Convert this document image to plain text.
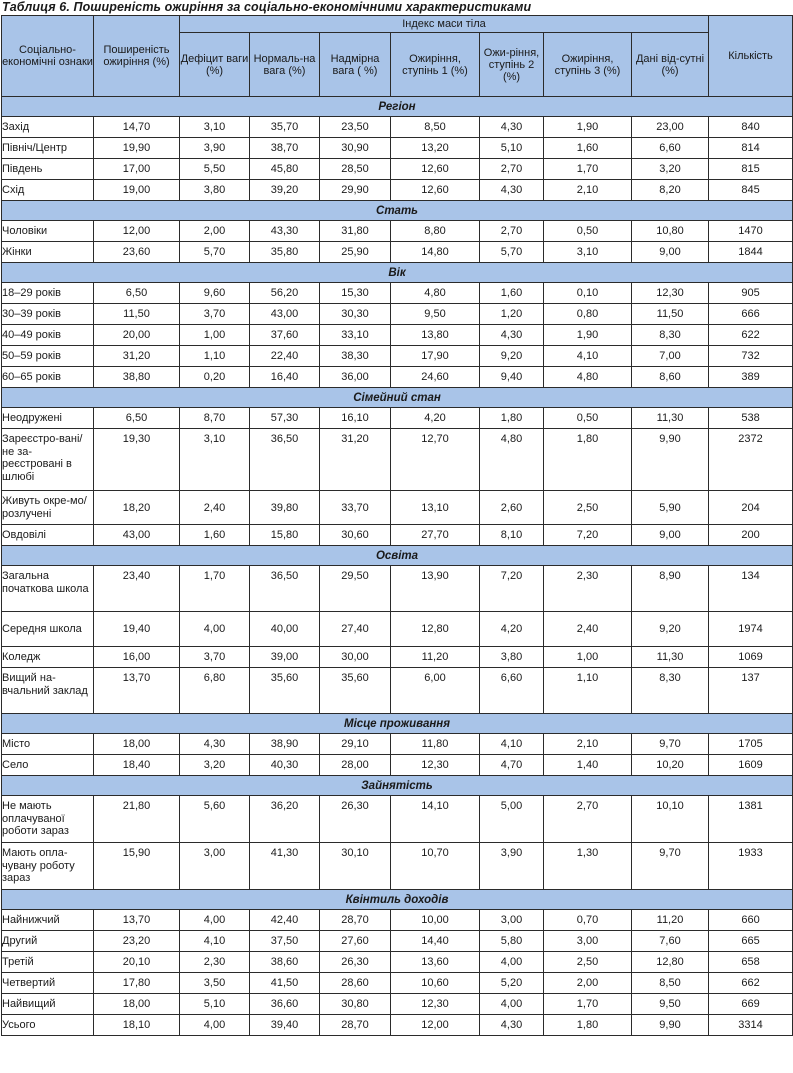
Таблиця 6. Поширеність ожиріння за соціально-економічними характеристиками
Соціально-економічні ознаки	Поширеність ожиріння (%)	Індекс маси тіла							Кількість
		Дефіцит ваги (%)	Нормаль-на вага (%)	Надмірна вага ( %)	Ожиріння, ступінь 1 (%)	Ожи-ріння, ступінь 2 (%)	Ожиріння, ступінь 3 (%)	Дані від-сутні (%)	
Регіон									
Захід	14,70	3,10	35,70	23,50	8,50	4,30	1,90	23,00	840
Північ/Центр	19,90	3,90	38,70	30,90	13,20	5,10	1,60	6,60	814
Південь	17,00	5,50	45,80	28,50	12,60	2,70	1,70	3,20	815
Схід	19,00	3,80	39,20	29,90	12,60	4,30	2,10	8,20	845
Стать									
Чоловіки	12,00	2,00	43,30	31,80	8,80	2,70	0,50	10,80	1470
Жінки	23,60	5,70	35,80	25,90	14,80	5,70	3,10	9,00	1844
Вік									
18–29 років	6,50	9,60	56,20	15,30	4,80	1,60	0,10	12,30	905
30–39 років	11,50	3,70	43,00	30,30	9,50	1,20	0,80	11,50	666
40–49 років	20,00	1,00	37,60	33,10	13,80	4,30	1,90	8,30	622
50–59 років	31,20	1,10	22,40	38,30	17,90	9,20	4,10	7,00	732
60–65 років	38,80	0,20	16,40	36,00	24,60	9,40	4,80	8,60	389
Сімейний стан									
Неодружені	6,50	8,70	57,30	16,10	4,20	1,80	0,50	11,30	538
Зареєстро-вані/не за-реєстровані в шлюбі	19,30	3,10	36,50	31,20	12,70	4,80	1,80	9,90	2372
Живуть окре-мо/розлучені	18,20	2,40	39,80	33,70	13,10	2,60	2,50	5,90	204
Овдовілі	43,00	1,60	15,80	30,60	27,70	8,10	7,20	9,00	200
Освіта									
Загальна початкова школа	23,40	1,70	36,50	29,50	13,90	7,20	2,30	8,90	134
Середня школа	19,40	4,00	40,00	27,40	12,80	4,20	2,40	9,20	1974
Коледж	16,00	3,70	39,00	30,00	11,20	3,80	1,00	11,30	1069
Вищий на-вчальний заклад	13,70	6,80	35,60	35,60	6,00	6,60	1,10	8,30	137
Місце проживання									
Місто	18,00	4,30	38,90	29,10	11,80	4,10	2,10	9,70	1705
Село	18,40	3,20	40,30	28,00	12,30	4,70	1,40	10,20	1609
Зайнятість									
Не мають оплачуваної роботи зараз	21,80	5,60	36,20	26,30	14,10	5,00	2,70	10,10	1381
Мають опла-чувану роботу зараз	15,90	3,00	41,30	30,10	10,70	3,90	1,30	9,70	1933
Квінтиль доходів									
Найнижчий	13,70	4,00	42,40	28,70	10,00	3,00	0,70	11,20	660
Другий	23,20	4,10	37,50	27,60	14,40	5,80	3,00	7,60	665
Третій	20,10	2,30	38,60	26,30	13,60	4,00	2,50	12,80	658
Четвертий	17,80	3,50	41,50	28,60	10,60	5,20	2,00	8,50	662
Найвищий	18,00	5,10	36,60	30,80	12,30	4,00	1,70	9,50	669
Усього	18,10	4,00	39,40	28,70	12,00	4,30	1,80	9,90	3314
